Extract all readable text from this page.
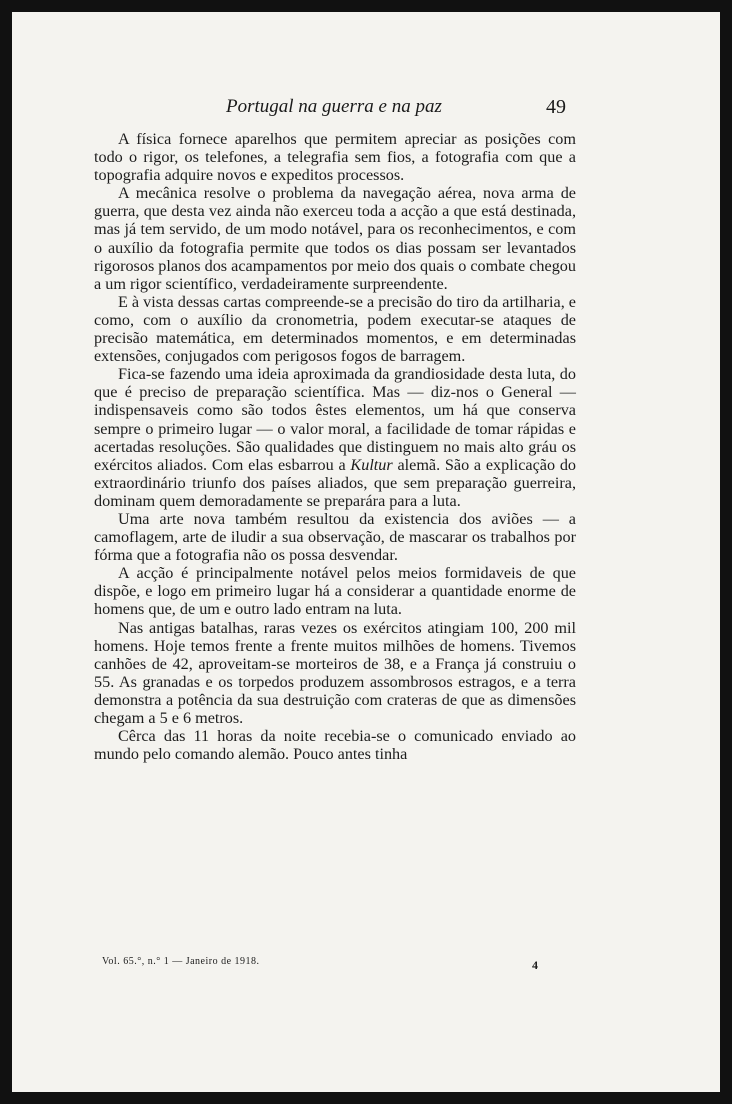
Portugal na guerra e na paz	49

A física fornece aparelhos que permitem apreciar as posições com todo o rigor, os telefones, a telegrafia sem fios, a fotografia com que a topografia adquire novos e expeditos processos.

A mecânica resolve o problema da navegação aérea, nova arma de guerra, que desta vez ainda não exerceu toda a acção a que está destinada, mas já tem servido, de um modo notável, para os reconhecimentos, e com o auxílio da fotografia permite que todos os dias possam ser levantados rigorosos planos dos acampamentos por meio dos quais o combate chegou a um rigor scientífico, verdadeiramente surpreendente.

E à vista dessas cartas compreende-se a precisão do tiro da artilharia, e como, com o auxílio da cronometria, podem executar-se ataques de precisão matemática, em determinados momentos, e em determinadas extensões, conjugados com perigosos fogos de barragem.

Fica-se fazendo uma ideia aproximada da grandiosidade desta luta, do que é preciso de preparação scientífica. Mas — diz-nos o General — indispensaveis como são todos êstes elementos, um há que conserva sempre o primeiro lugar — o valor moral, a facilidade de tomar rápidas e acertadas resoluções. São qualidades que distinguem no mais alto gráu os exércitos aliados. Com elas esbarrou a Kultur alemã. São a explicação do extraordinário triunfo dos países aliados, que sem preparação guerreira, dominam quem demoradamente se preparára para a luta.

Uma arte nova também resultou da existencia dos aviões — a camoflagem, arte de iludir a sua observação, de mascarar os trabalhos por fórma que a fotografia não os possa desvendar.

A acção é principalmente notável pelos meios formidaveis de que dispõe, e logo em primeiro lugar há a considerar a quantidade enorme de homens que, de um e outro lado entram na luta.

Nas antigas batalhas, raras vezes os exércitos atingiam 100, 200 mil homens. Hoje temos frente a frente muitos milhões de homens. Tivemos canhões de 42, aproveitam-se morteiros de 38, e a França já construiu o 55. As granadas e os torpedos produzem assombrosos estragos, e a terra demonstra a potência da sua destruição com crateras de que as dimensões chegam a 5 e 6 metros.

Cêrca das 11 horas da noite recebia-se o comunicado enviado ao mundo pelo comando alemão. Pouco antes tinha

Vol. 65.°, n.° 1 — Janeiro de 1918.	4
